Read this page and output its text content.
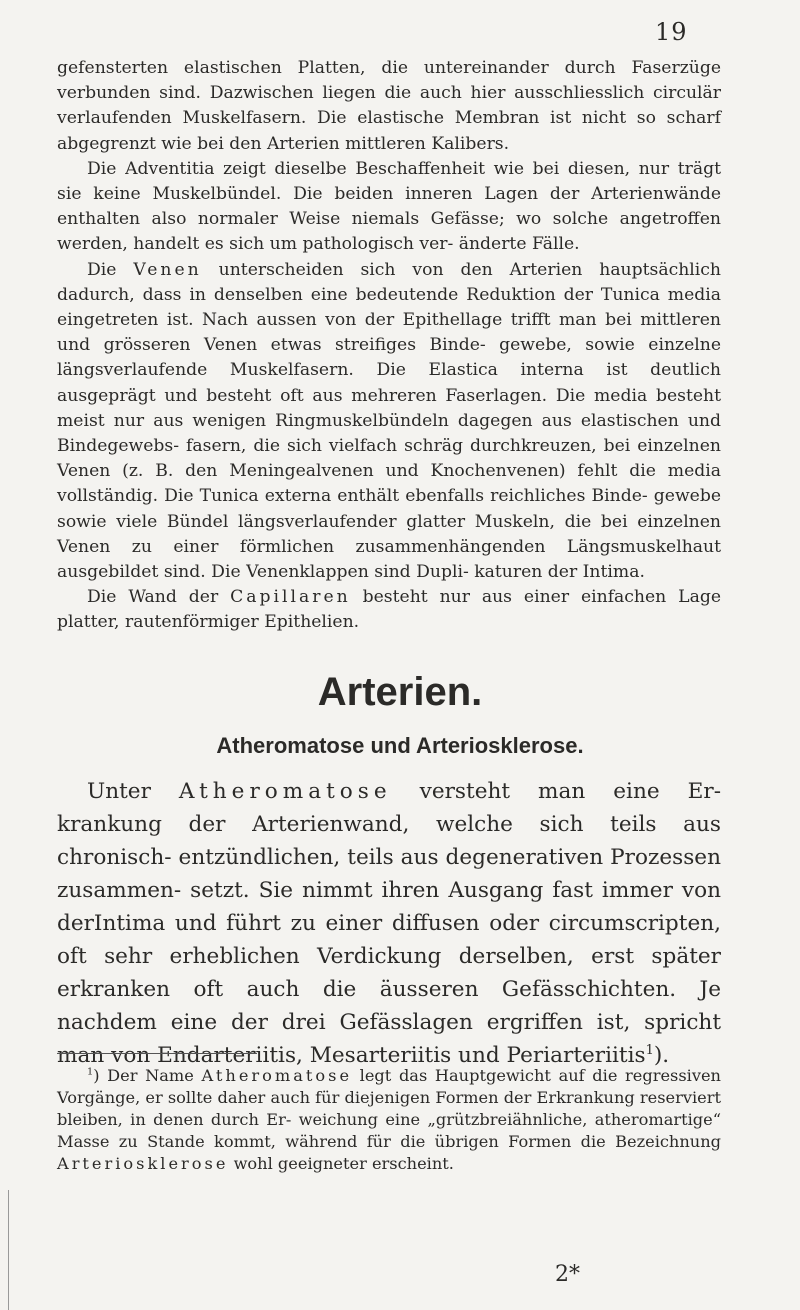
19

gefensterten elastischen Platten, die untereinander durch Faserzüge verbunden sind. Dazwischen liegen die auch hier ausschliesslich circulär verlaufenden Muskelfasern. Die elastische Membran ist nicht so scharf abgegrenzt wie bei den Arterien mittleren Kalibers.

Die Adventitia zeigt dieselbe Beschaffenheit wie bei diesen, nur trägt sie keine Muskelbündel. Die beiden inneren Lagen der Arterienwände enthalten also normaler Weise niemals Gefässe; wo solche angetroffen werden, handelt es sich um pathologisch ver- änderte Fälle.

Die Venen unterscheiden sich von den Arterien hauptsächlich dadurch, dass in denselben eine bedeutende Reduktion der Tunica media eingetreten ist. Nach aussen von der Epithellage trifft man bei mittleren und grösseren Venen etwas streifiges Binde- gewebe, sowie einzelne längsverlaufende Muskelfasern. Die Elastica interna ist deutlich ausgeprägt und besteht oft aus mehreren Faserlagen. Die media besteht meist nur aus wenigen Ringmuskelbündeln dagegen aus elastischen und Bindegewebs- fasern, die sich vielfach schräg durchkreuzen, bei einzelnen Venen (z. B. den Meningealvenen und Knochenvenen) fehlt die media vollständig. Die Tunica externa enthält ebenfalls reichliches Binde- gewebe sowie viele Bündel längsverlaufender glatter Muskeln, die bei einzelnen Venen zu einer förmlichen zusammenhängenden Längsmuskelhaut ausgebildet sind. Die Venenklappen sind Dupli- katuren der Intima.

Die Wand der Capillaren besteht nur aus einer einfachen Lage platter, rautenförmiger Epithelien.

Arterien.
Atheromatose und Arteriosklerose.

Unter Atheromatose versteht man eine Er- krankung der Arterienwand, welche sich teils aus chronisch- entzündlichen, teils aus degenerativen Prozessen zusammen- setzt. Sie nimmt ihren Ausgang fast immer von derIntima und führt zu einer diffusen oder circumscripten, oft sehr erheblichen Verdickung derselben, erst später erkranken oft auch die äusseren Gefässchichten. Je nachdem eine der drei Gefässlagen ergriffen ist, spricht man von Endarteriitis, Mesarteriitis und Periarteriitis$^1$).

$^1$) Der Name Atheromatose legt das Hauptgewicht auf die regressiven Vorgänge, er sollte daher auch für diejenigen Formen der Erkrankung reserviert bleiben, in denen durch Er- weichung eine „grützbreiähnliche, atheromartige“ Masse zu Stande kommt, während für die übrigen Formen die Bezeichnung Arteriosklerose wohl geeigneter erscheint.

2*
